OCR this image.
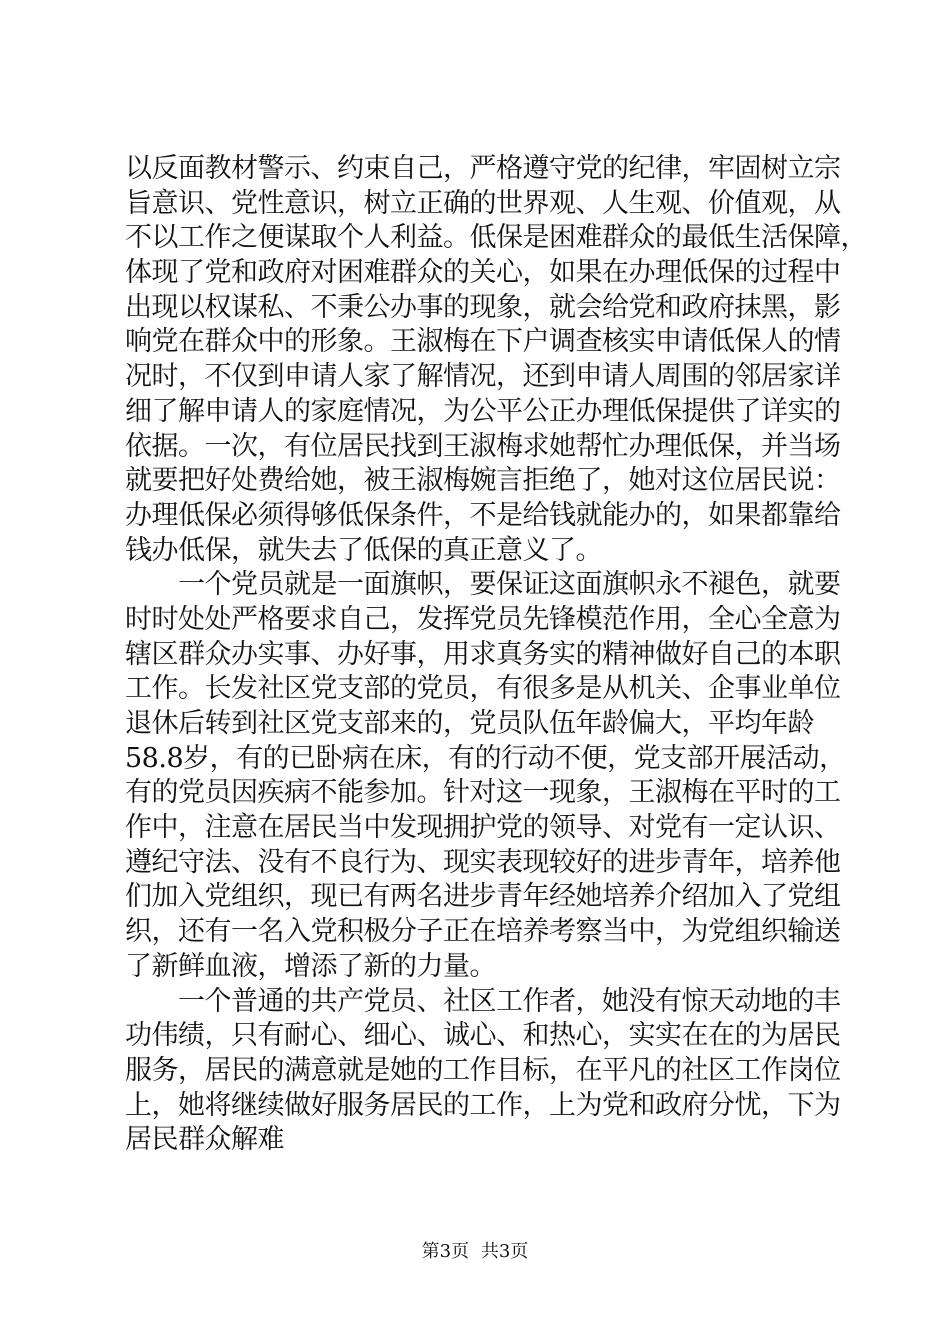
以反面教材警示、约束自己，严格遵守党的纪律，牢固树立宗
旨意识、党性意识，树立正确的世界观、人生观、价值观，从
不以工作之便谋取个人利益。低保是困难群众的最低生活保障，
体现了党和政府对困难群众的关心，如果在办理低保的过程中
出现以权谋私、不秉公办事的现象，就会给党和政府抹黑，影
响党在群众中的形象。王淑梅在下户调查核实申请低保人的情
况时，不仅到申请人家了解情况，还到申请人周围的邻居家详
细了解申请人的家庭情况，为公平公正办理低保提供了详实的
依据。一次，有位居民找到王淑梅求她帮忙办理低保，并当场
就要把好处费给她，被王淑梅婉言拒绝了，她对这位居民说：
办理低保必须得够低保条件，不是给钱就能办的，如果都靠给
钱办低保，就失去了低保的真正意义了。
　　一个党员就是一面旗帜，要保证这面旗帜永不褪色，就要
时时处处严格要求自己，发挥党员先锋模范作用，全心全意为
辖区群众办实事、办好事，用求真务实的精神做好自己的本职
工作。长发社区党支部的党员，有很多是从机关、企事业单位
退休后转到社区党支部来的，党员队伍年龄偏大，平均年龄
58.8岁，有的已卧病在床，有的行动不便，党支部开展活动，
有的党员因疾病不能参加。针对这一现象，王淑梅在平时的工
作中，注意在居民当中发现拥护党的领导、对党有一定认识、
遵纪守法、没有不良行为、现实表现较好的进步青年，培养他
们加入党组织，现已有两名进步青年经她培养介绍加入了党组
织，还有一名入党积极分子正在培养考察当中，为党组织输送
了新鲜血液，增添了新的力量。
　　一个普通的共产党员、社区工作者，她没有惊天动地的丰
功伟绩，只有耐心、细心、诚心、和热心，实实在在的为居民
服务，居民的满意就是她的工作目标，在平凡的社区工作岗位
上，她将继续做好服务居民的工作，上为党和政府分忧，下为
居民群众解难
第3页 共3页
